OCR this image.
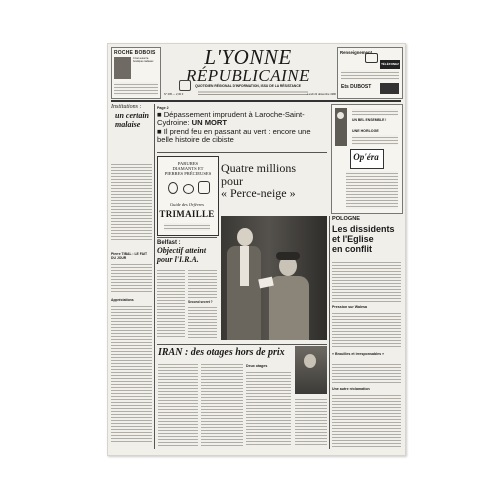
ROCHE BOBOIS
C'est aussi la boutique cadeaux	L'YONNE
RÉPUBLICAINE
QUOTIDIEN RÉGIONAL D'INFORMATION, ISSU DE LA RÉSISTANCE
N° 295 — 2,30 F	Lundi 22 décembre 1980
Renseignement
TÉLÉFONEZ
Ets DUBOST
Institutions :
un certain malaise
Pierre TIBAL : LE FAIT DU JOUR
Appréciations
Page 2
■ Dépassement imprudent à Laroche-Saint-Cydroine: UN MORT
■ Il prend feu en passant au vert : encore une belle histoire de cibiste
UN BEL ENSEMBLE !
UNE HORLOGE
Op'éra
PARURES
DIAMANTS ET
PIERRES PRÉCIEUSES
Guide des Orfèvres
TRIMAILLE
Quatre millions
pour
« Perce-neige »
Belfast :
Objectif atteint
pour l'I.R.A.
Second secret ?
IRAN : des otages hors de prix
Deux otages
POLOGNE
Les dissidents
et l'Eglise
en conflit
Pression sur Walesa
« Brouilles et irresponsables »
Une autre réclamation
